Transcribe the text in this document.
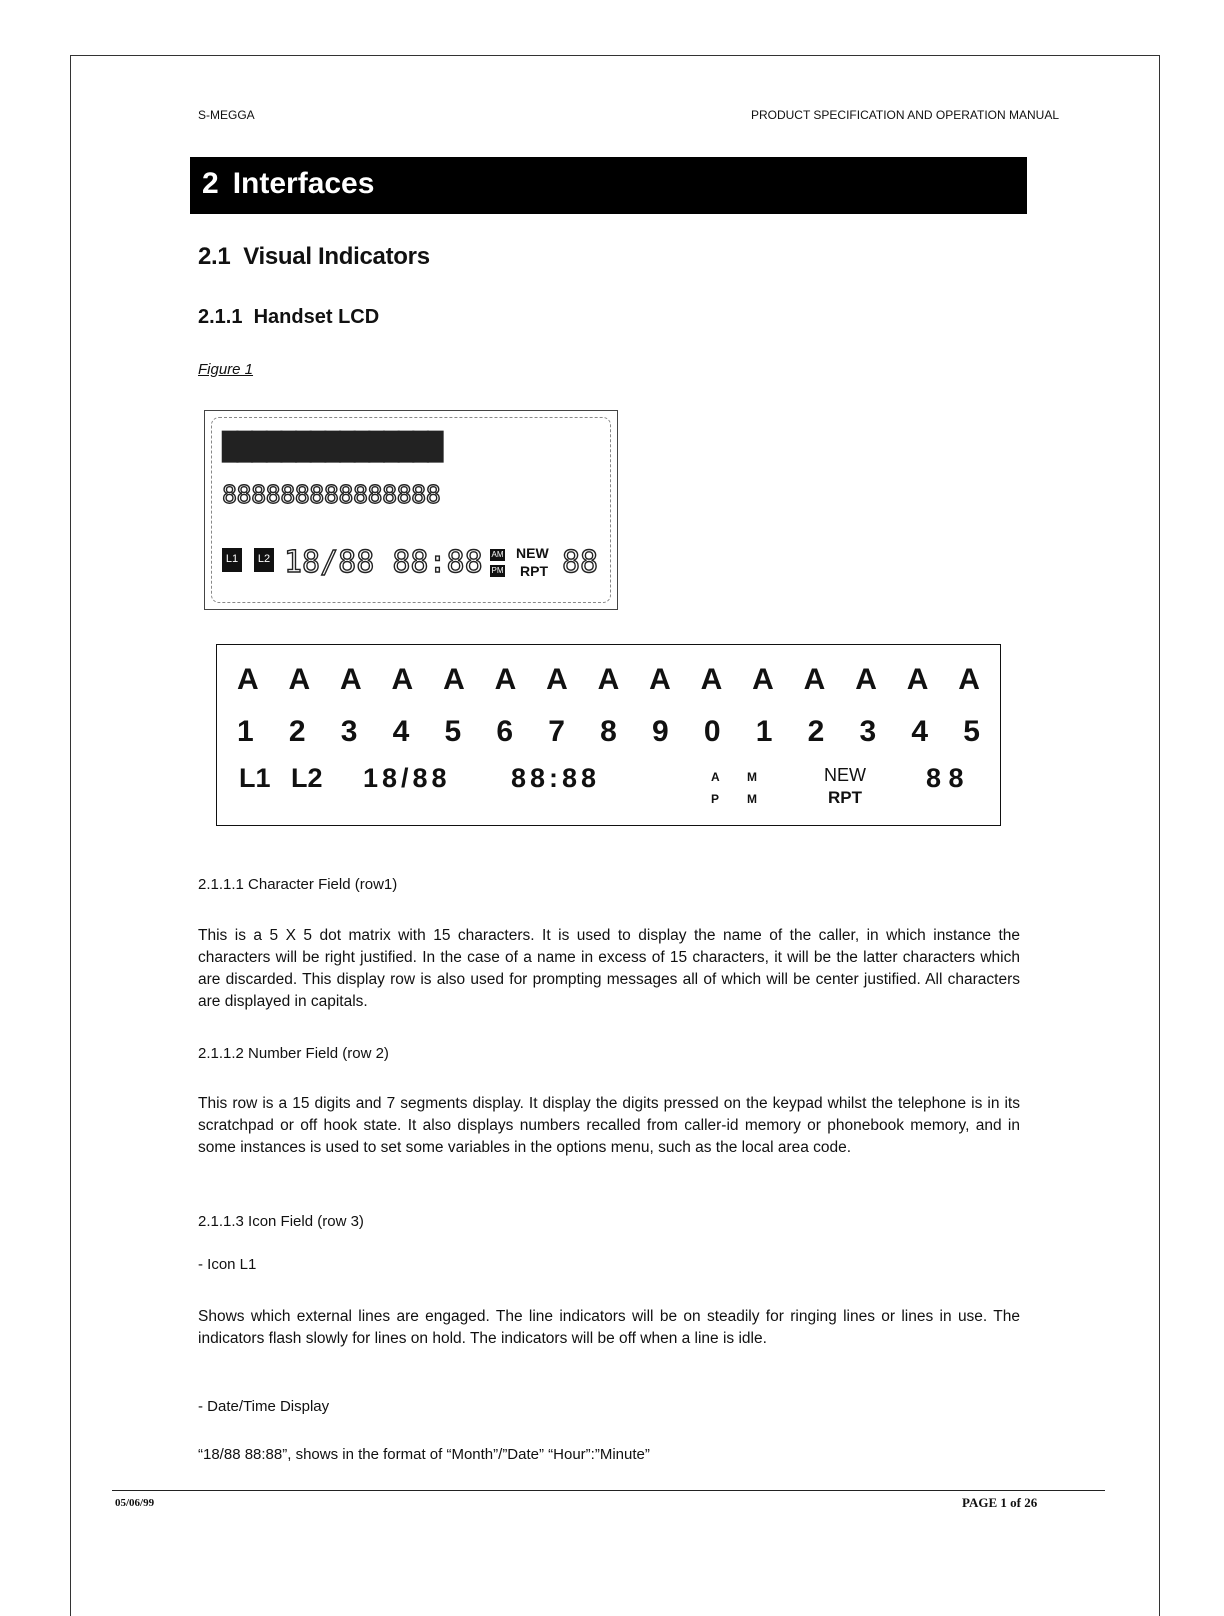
S-MEGGA	PRODUCT SPECIFICATION AND OPERATION MANUAL
2 Interfaces
2.1 Visual Indicators
2.1.1 Handset LCD
Figure 1
███████████████
888888888888888
L1	L2 18/88 88:88 AM
PM
NEW
RPT 88
A A A A A A A A A A A A A A A
1 2 3 4 5 6 7 8 9 0 1 2 3 4 5
L1 L2 18/88 88:88	A
P
M
M
NEW
RPT
8 8
2.1.1.1 Character Field (row1)
This is a 5 X 5 dot matrix with 15 characters. It is used to display the name of the caller, in which instance the characters will be right justified. In the case of a name in excess of 15 characters, it will be the latter characters which are discarded. This display row is also used for prompting messages all of which will be center justified. All characters are displayed in capitals.
2.1.1.2 Number Field (row 2)
This row is a 15 digits and 7 segments display. It display the digits pressed on the keypad whilst the telephone is in its scratchpad or off hook state. It also displays numbers recalled from caller-id memory or phonebook memory, and in some instances is used to set some variables in the options menu, such as the local area code.
2.1.1.3 Icon Field (row 3)
- Icon L1
Shows which external lines are engaged. The line indicators will be on steadily for ringing lines or lines in use. The indicators flash slowly for lines on hold. The indicators will be off when a line is idle.
- Date/Time Display
“18/88 88:88”, shows in the format of “Month”/”Date” “Hour”:”Minute”
05/06/99	PAGE 1 of 26
